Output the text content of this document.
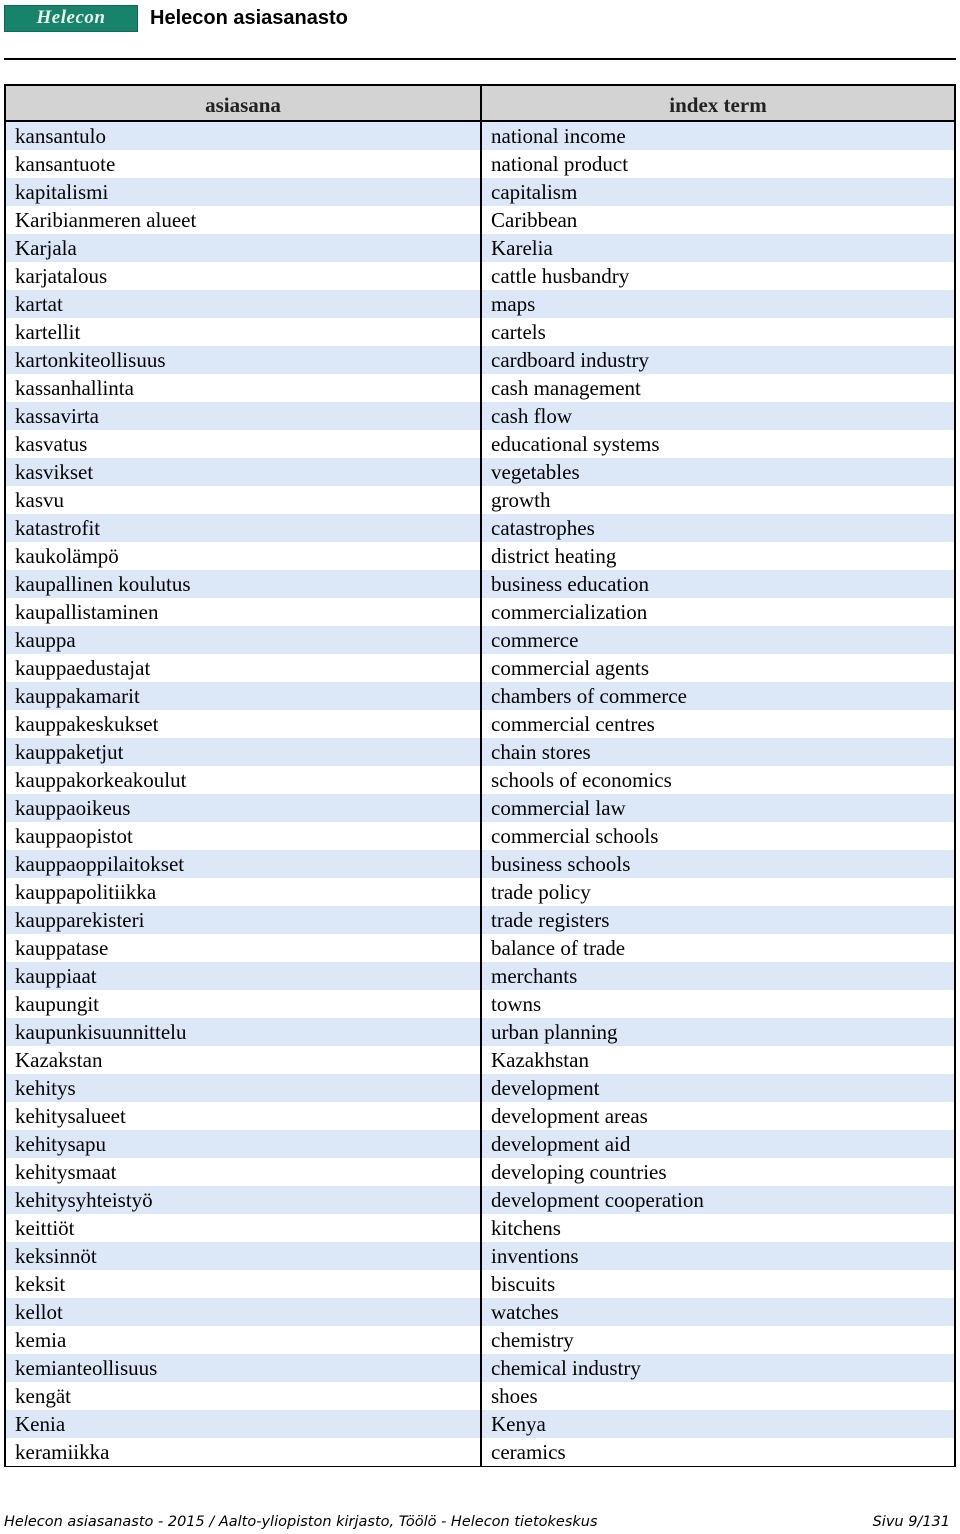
Helecon Helecon asiasanasto
asiasana
kansantulo
kansantuote
kapitalismi
Karibianmeren alueet
Karjala
karjatalous
kartat
kartellit
kartonkiteollisuus
kassanhallinta
kassavirta
kasvatus
kasvikset
kasvu
katastrofit
kaukolämpö
kaupallinen koulutus
kaupallistaminen
kauppa
kauppaedustajat
kauppakamarit
kauppakeskukset
kauppaketjut
kauppakorkeakoulut
kauppaoikeus
kauppaopistot
kauppaoppilaitokset
kauppapolitiikka
kaupparekisteri
kauppatase
kauppiaat
kaupungit
kaupunkisuunnittelu
Kazakstan
kehitys
kehitysalueet
kehitysapu
kehitysmaat
kehitysyhteistyö
keittiöt
keksinnöt
keksit
kellot
kemia
kemianteollisuus
kengät
Kenia
keramiikka
index term
national income
national product
capitalism
Caribbean
Karelia
cattle husbandry
maps
cartels
cardboard industry
cash management
cash flow
educational systems
vegetables
growth
catastrophes
district heating
business education
commercialization
commerce
commercial agents
chambers of commerce
commercial centres
chain stores
schools of economics
commercial law
commercial schools
business schools
trade policy
trade registers
balance of trade
merchants
towns
urban planning
Kazakhstan
development
development areas
development aid
developing countries
development cooperation
kitchens
inventions
biscuits
watches
chemistry
chemical industry
shoes
Kenya
ceramics
Helecon asiasanasto - 2015 / Aalto-yliopiston kirjasto, Töölö - Helecon tietokeskus	Sivu 9/131
